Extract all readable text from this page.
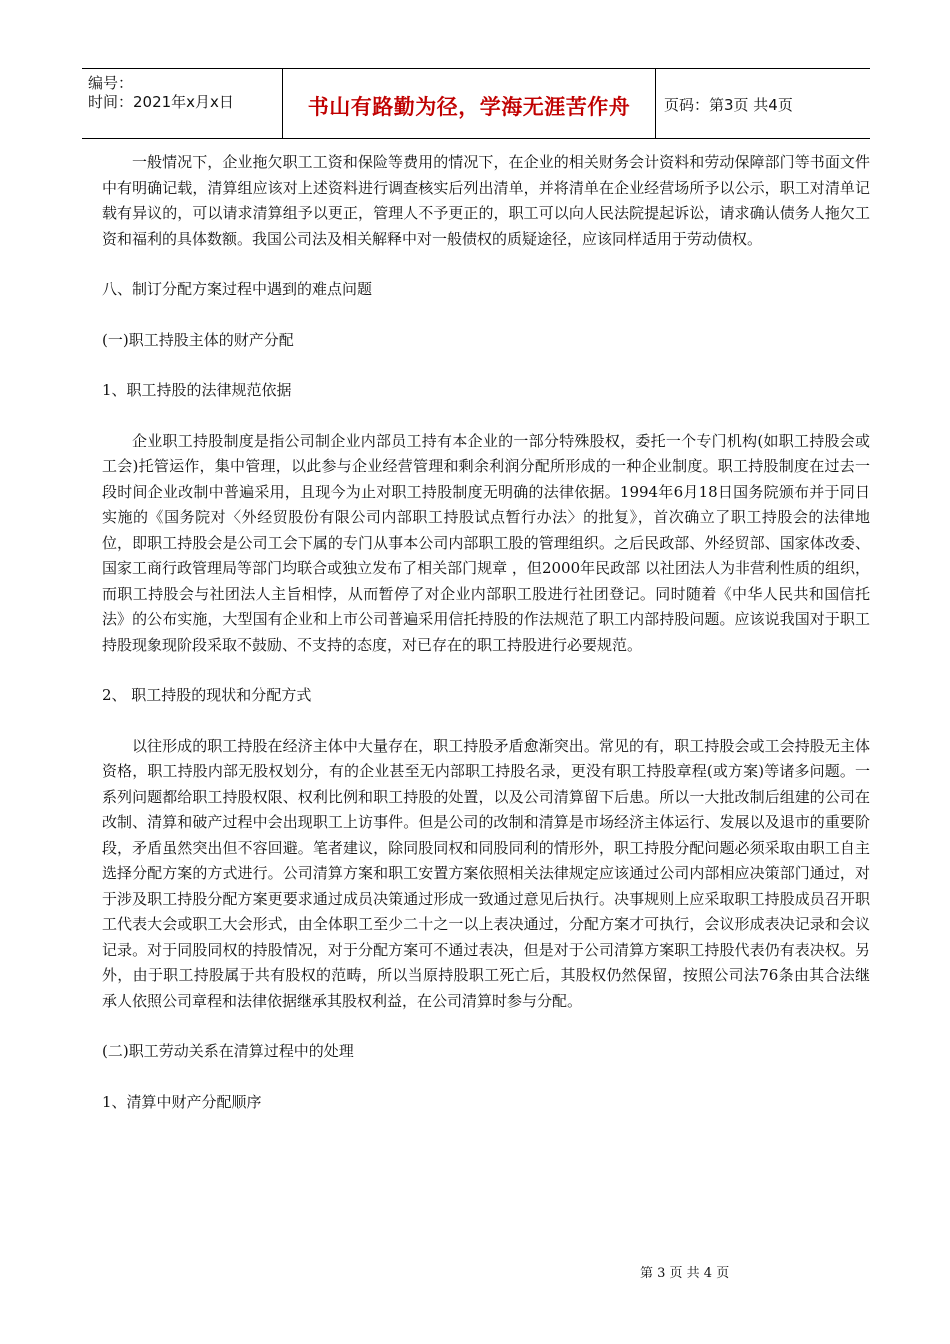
编号：
时间：2021年x月x日	书山有路勤为径，学海无涯苦作舟	页码：第3页 共4页

一般情况下，企业拖欠职工工资和保险等费用的情况下，在企业的相关财务会计资料和劳动保障部门等书面文件中有明确记载，清算组应该对上述资料进行调查核实后列出清单，并将清单在企业经营场所予以公示，职工对清单记载有异议的，可以请求清算组予以更正，管理人不予更正的，职工可以向人民法院提起诉讼，请求确认债务人拖欠工资和福利的具体数额。我国公司法及相关解释中对一般债权的质疑途径，应该同样适用于劳动债权。

八、制订分配方案过程中遇到的难点问题

(一)职工持股主体的财产分配

1、职工持股的法律规范依据

企业职工持股制度是指公司制企业内部员工持有本企业的一部分特殊股权，委托一个专门机构(如职工持股会或工会)托管运作，集中管理，以此参与企业经营管理和剩余利润分配所形成的一种企业制度。职工持股制度在过去一段时间企业改制中普遍采用，且现今为止对职工持股制度无明确的法律依据。1994年6月18日国务院颁布并于同日实施的《国务院对〈外经贸股份有限公司内部职工持股试点暂行办法〉的批复》，首次确立了职工持股会的法律地位，即职工持股会是公司工会下属的专门从事本公司内部职工股的管理组织。之后民政部、外经贸部、国家体改委、国家工商行政管理局等部门均联合或独立发布了相关部门规章 ，但2000年民政部 以社团法人为非营利性质的组织，而职工持股会与社团法人主旨相悖，从而暂停了对企业内部职工股进行社团登记。同时随着《中华人民共和国信托法》的公布实施，大型国有企业和上市公司普遍采用信托持股的作法规范了职工内部持股问题。应该说我国对于职工持股现象现阶段采取不鼓励、不支持的态度，对已存在的职工持股进行必要规范。

2、 职工持股的现状和分配方式

以往形成的职工持股在经济主体中大量存在，职工持股矛盾愈渐突出。常见的有，职工持股会或工会持股无主体资格，职工持股内部无股权划分，有的企业甚至无内部职工持股名录，更没有职工持股章程(或方案)等诸多问题。一系列问题都给职工持股权限、权利比例和职工持股的处置，以及公司清算留下后患。所以一大批改制后组建的公司在改制、清算和破产过程中会出现职工上访事件。但是公司的改制和清算是市场经济主体运行、发展以及退市的重要阶段，矛盾虽然突出但不容回避。笔者建议，除同股同权和同股同利的情形外，职工持股分配问题必须采取由职工自主选择分配方案的方式进行。公司清算方案和职工安置方案依照相关法律规定应该通过公司内部相应决策部门通过，对于涉及职工持股分配方案更要求通过成员决策通过形成一致通过意见后执行。决事规则上应采取职工持股成员召开职工代表大会或职工大会形式，由全体职工至少二十之一以上表决通过，分配方案才可执行，会议形成表决记录和会议记录。对于同股同权的持股情况，对于分配方案可不通过表决，但是对于公司清算方案职工持股代表仍有表决权。另外，由于职工持股属于共有股权的范畴，所以当原持股职工死亡后，其股权仍然保留，按照公司法76条由其合法继承人依照公司章程和法律依据继承其股权利益，在公司清算时参与分配。

(二)职工劳动关系在清算过程中的处理

1、清算中财产分配顺序

第 3 页 共 4 页
